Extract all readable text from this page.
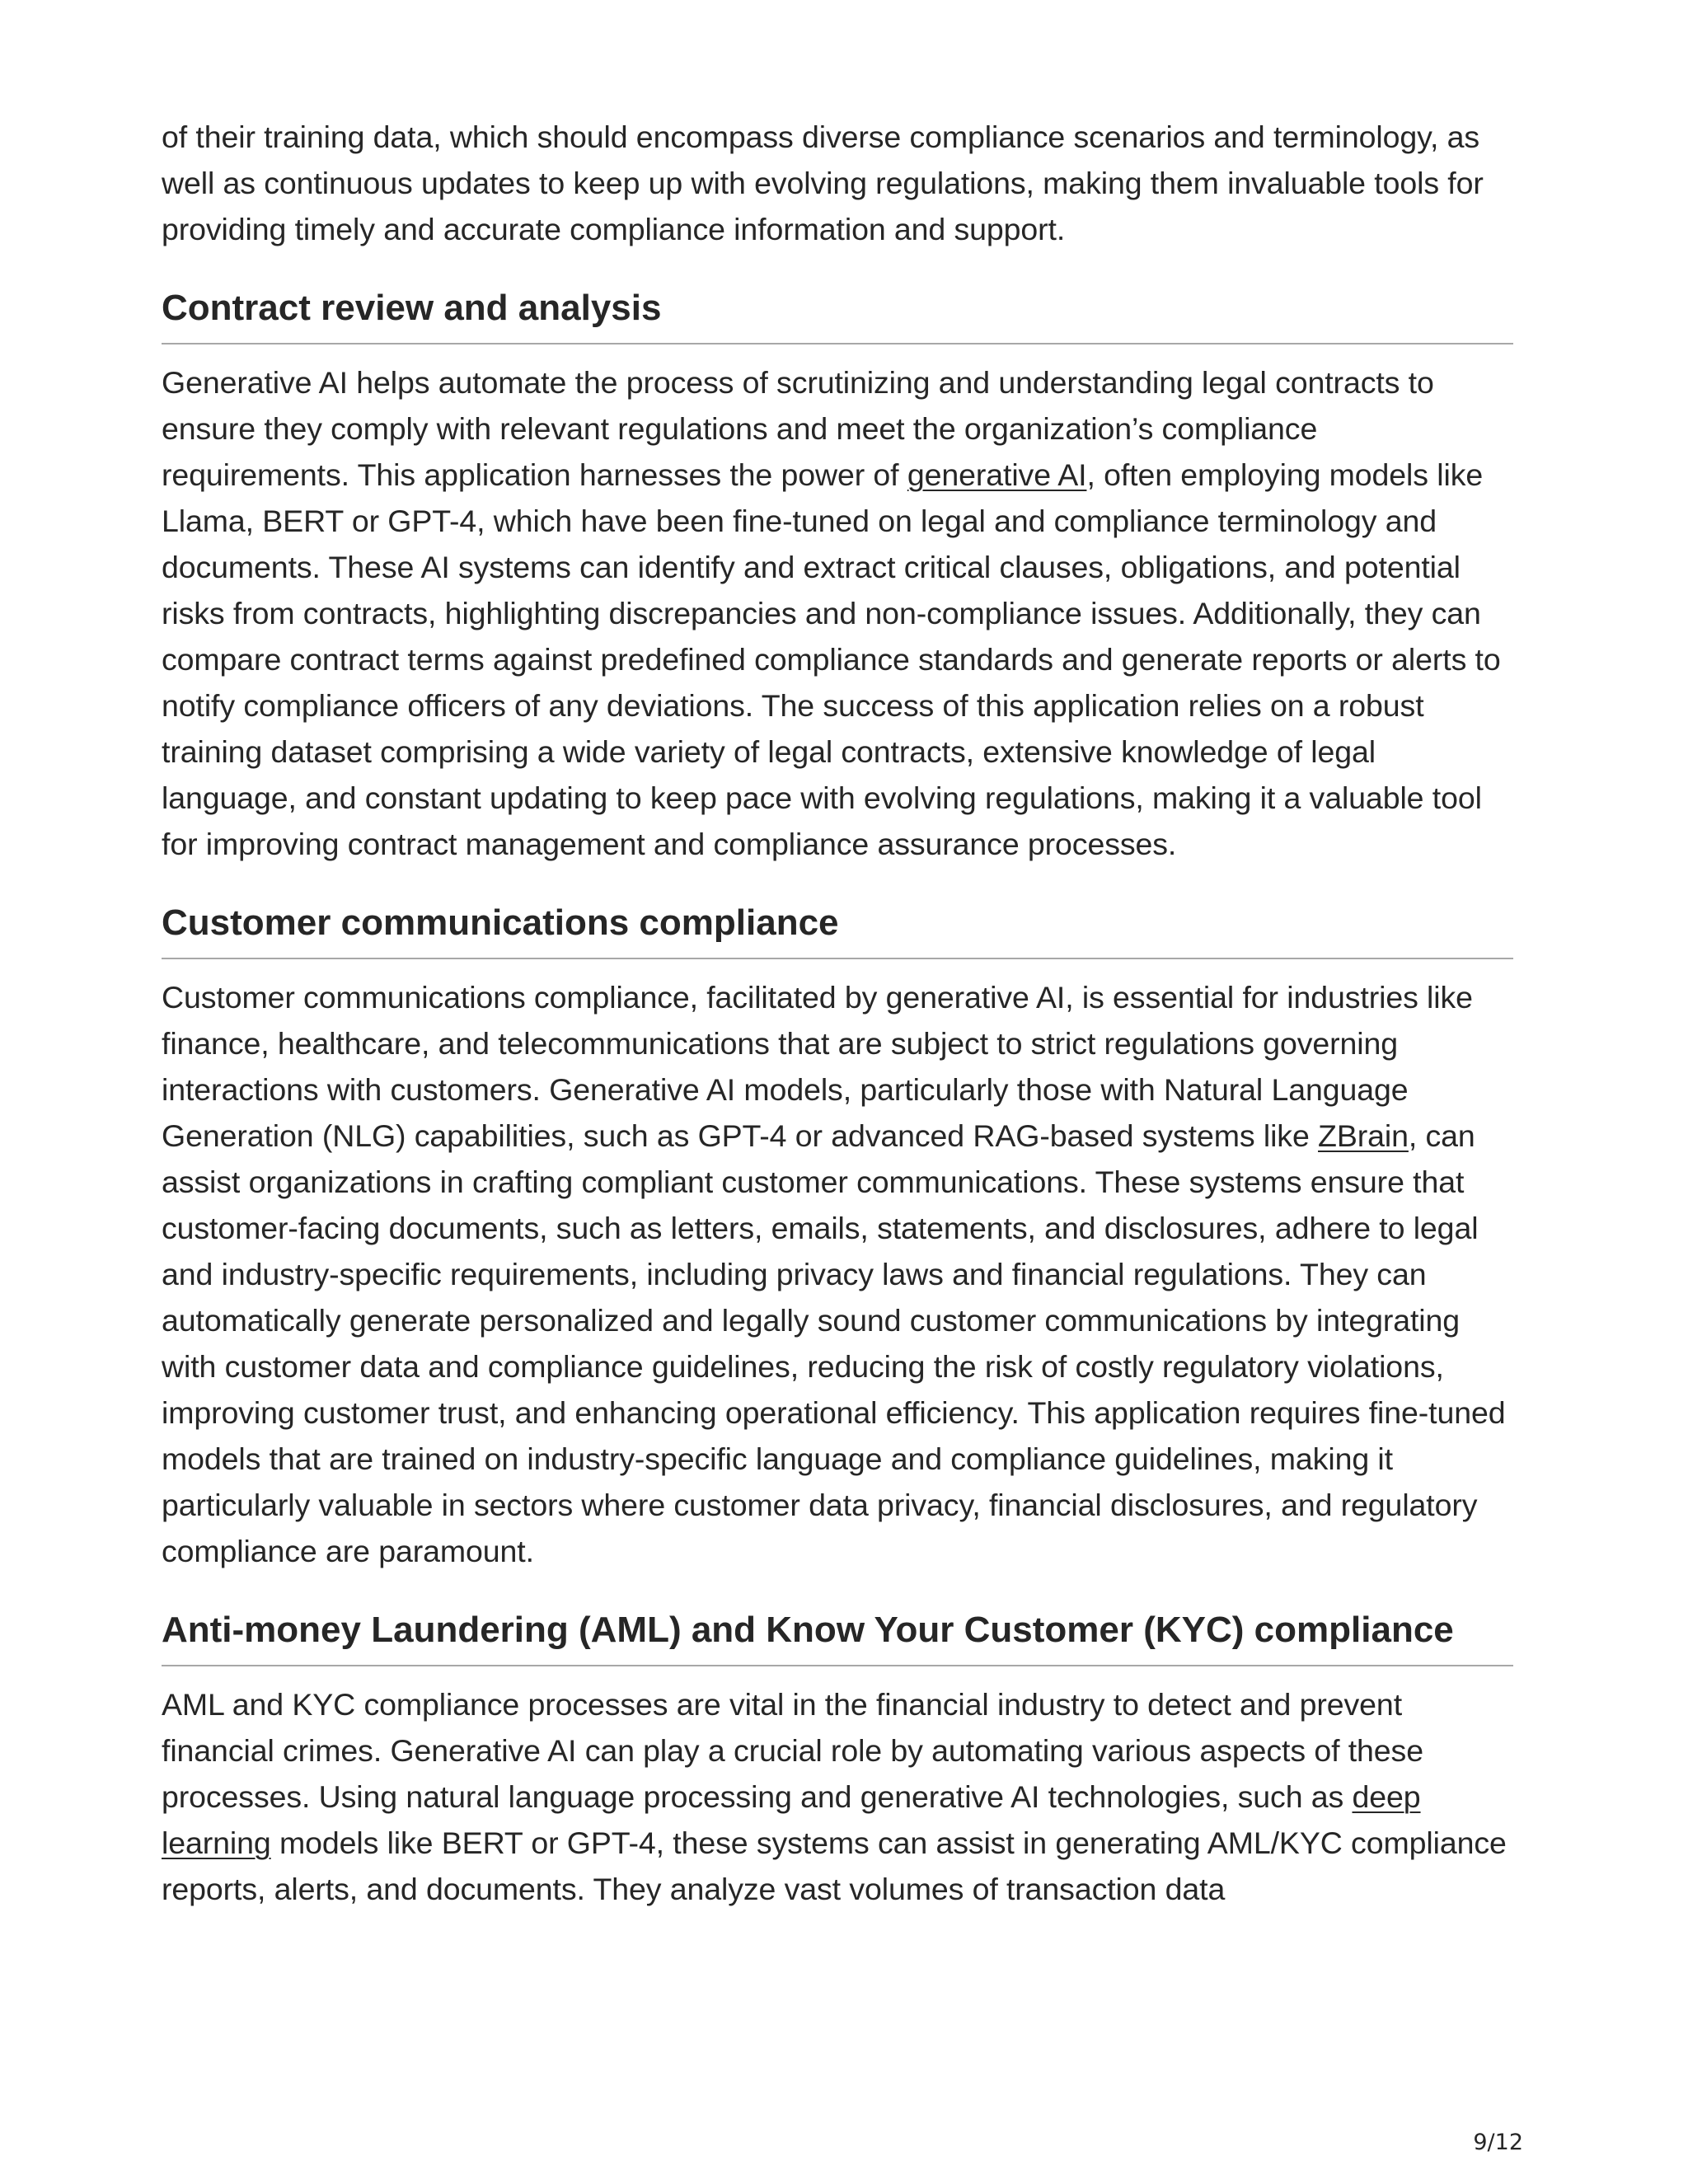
of their training data, which should encompass diverse compliance scenarios and terminology, as well as continuous updates to keep up with evolving regulations, making them invaluable tools for providing timely and accurate compliance information and support.

Contract review and analysis

Generative AI helps automate the process of scrutinizing and understanding legal contracts to ensure they comply with relevant regulations and meet the organization’s compliance requirements. This application harnesses the power of generative AI, often employing models like Llama, BERT or GPT-4, which have been fine-tuned on legal and compliance terminology and documents. These AI systems can identify and extract critical clauses, obligations, and potential risks from contracts, highlighting discrepancies and non-compliance issues. Additionally, they can compare contract terms against predefined compliance standards and generate reports or alerts to notify compliance officers of any deviations. The success of this application relies on a robust training dataset comprising a wide variety of legal contracts, extensive knowledge of legal language, and constant updating to keep pace with evolving regulations, making it a valuable tool for improving contract management and compliance assurance processes.

Customer communications compliance

Customer communications compliance, facilitated by generative AI, is essential for industries like finance, healthcare, and telecommunications that are subject to strict regulations governing interactions with customers. Generative AI models, particularly those with Natural Language Generation (NLG) capabilities, such as GPT-4 or advanced RAG-based systems like ZBrain, can assist organizations in crafting compliant customer communications. These systems ensure that customer-facing documents, such as letters, emails, statements, and disclosures, adhere to legal and industry-specific requirements, including privacy laws and financial regulations. They can automatically generate personalized and legally sound customer communications by integrating with customer data and compliance guidelines, reducing the risk of costly regulatory violations, improving customer trust, and enhancing operational efficiency. This application requires fine-tuned models that are trained on industry-specific language and compliance guidelines, making it particularly valuable in sectors where customer data privacy, financial disclosures, and regulatory compliance are paramount.

Anti-money Laundering (AML) and Know Your Customer (KYC) compliance

AML and KYC compliance processes are vital in the financial industry to detect and prevent financial crimes. Generative AI can play a crucial role by automating various aspects of these processes. Using natural language processing and generative AI technologies, such as deep learning models like BERT or GPT-4, these systems can assist in generating AML/KYC compliance reports, alerts, and documents. They analyze vast volumes of transaction data

9/12
